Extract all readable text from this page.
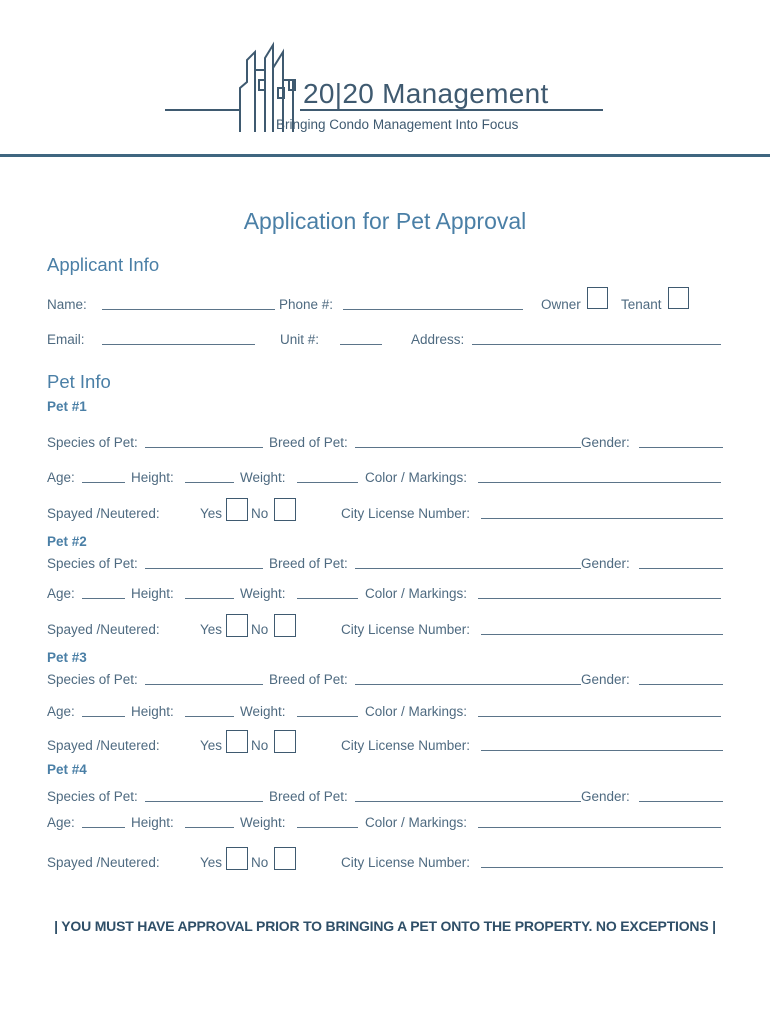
20|20 Management
Bringing Condo Management Into Focus
Application for Pet Approval
Applicant Info
Name:	Phone #:	Owner	Tenant
Email:	Unit #:	Address:
Pet Info
Pet #1
Species of Pet:	Breed of Pet:	Gender:
Age:	Height:	Weight:	Color / Markings:
Spayed /Neutered:	Yes No	City License Number:
Pet #2
Species of Pet:	Breed of Pet:	Gender:
Age:	Height:	Weight:	Color / Markings:
Spayed /Neutered:	Yes No	City License Number:
Pet #3
Species of Pet:	Breed of Pet:	Gender:
Age:	Height:	Weight:	Color / Markings:
Spayed /Neutered:	Yes No	City License Number:
Pet #4
Species of Pet:	Breed of Pet:	Gender:
Age:	Height:	Weight:	Color / Markings:
Spayed /Neutered:	Yes No	City License Number:
| YOU MUST HAVE APPROVAL PRIOR TO BRINGING A PET ONTO THE PROPERTY. NO EXCEPTIONS |
